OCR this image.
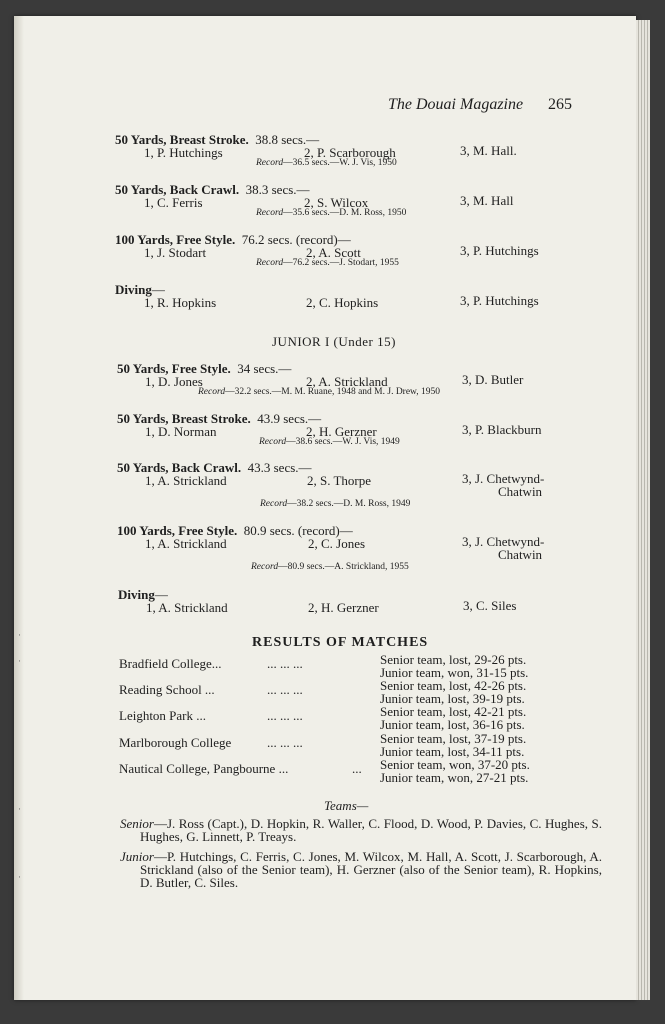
·
·
·
·
The Douai Magazine 265
50 Yards, Breast Stroke. 38.8 secs.—
1, P. Hutchings	2, P. Scarborough	3, M. Hall.
Record—36.5 secs.—W. J. Vis, 1950
50 Yards, Back Crawl. 38.3 secs.—
1, C. Ferris	2, S. Wilcox	3, M. Hall
Record—35.6 secs.—D. M. Ross, 1950
100 Yards, Free Style. 76.2 secs. (record)—
1, J. Stodart	2, A. Scott	3, P. Hutchings
Record—76.2 secs.—J. Stodart, 1955
Diving—
1, R. Hopkins	2, C. Hopkins	3, P. Hutchings
JUNIOR I (Under 15)
50 Yards, Free Style. 34 secs.—
1, D. Jones	2, A. Strickland	3, D. Butler
Record—32.2 secs.—M. M. Ruane, 1948 and M. J. Drew, 1950
50 Yards, Breast Stroke. 43.9 secs.—
1, D. Norman	2, H. Gerzner	3, P. Blackburn
Record—38.6 secs.—W. J. Vis, 1949
50 Yards, Back Crawl. 43.3 secs.—
1, A. Strickland	2, S. Thorpe	3, J. Chetwynd-
Chatwin
Record—38.2 secs.—D. M. Ross, 1949
100 Yards, Free Style. 80.9 secs. (record)—
1, A. Strickland	2, C. Jones	3, J. Chetwynd-
Chatwin
Record—80.9 secs.—A. Strickland, 1955
Diving—
1, A. Strickland	2, H. Gerzner	3, C. Siles
RESULTS OF MATCHES
Bradfield College...	... ... ...	Senior team, lost, 29-26 pts.
Junior team, won, 31-15 pts.
Reading School ...	... ... ...	Senior team, lost, 42-26 pts.
Junior team, lost, 39-19 pts.
Leighton Park ...	... ... ...	Senior team, lost, 42-21 pts.
Junior team, lost, 36-16 pts.
Marlborough College	... ... ...	Senior team, lost, 37-19 pts.
Junior team, lost, 34-11 pts.
Nautical College, Pangbourne ...	... Senior team, won, 37-20 pts.
Junior team, won, 27-21 pts.
Teams—
Senior—J. Ross (Capt.), D. Hopkin, R. Waller, C. Flood, D. Wood, P. Davies, C. Hughes, S. Hughes, G. Linnett, P. Treays.
Junior—P. Hutchings, C. Ferris, C. Jones, M. Wilcox, M. Hall, A. Scott, J. Scarborough, A. Strickland (also of the Senior team), H. Gerzner (also of the Senior team), R. Hopkins, D. Butler, C. Siles.
